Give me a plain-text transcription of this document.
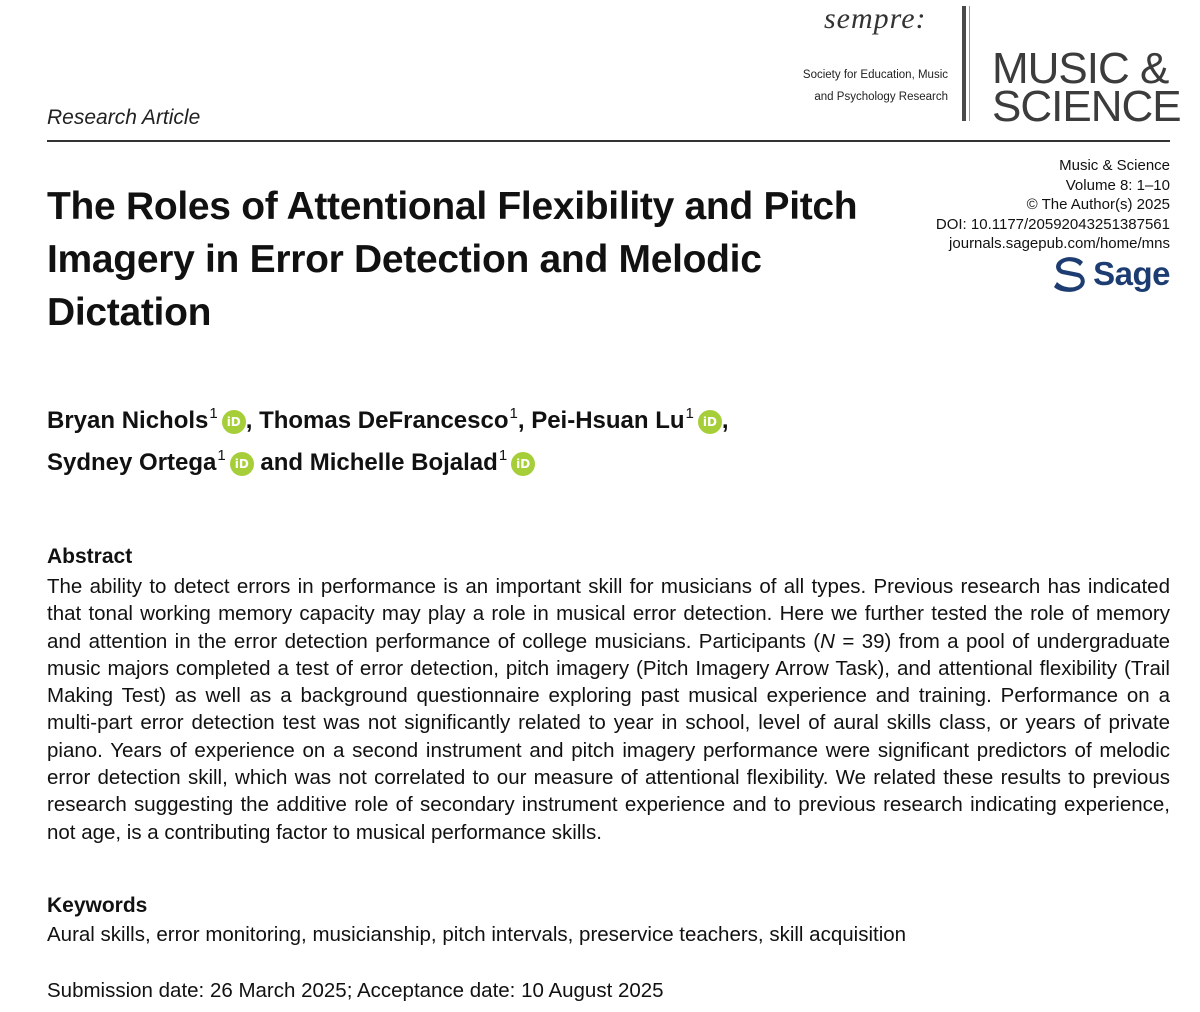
sempre:
Society for Education, Music
and Psychology Research
MUSIC &
SCIENCE
Research Article
Music & Science
Volume 8: 1–10
© The Author(s) 2025
DOI: 10.1177/20592043251387561
journals.sagepub.com/home/mns
Sage
The Roles of Attentional Flexibility and Pitch Imagery in Error Detection and Melodic Dictation
Bryan Nichols$^1$ iD , Thomas DeFrancesco$^1$, Pei-Hsuan Lu$^1$ iD ,
Sydney Ortega$^1$ iD and Michelle Bojalad$^1$ iD
Abstract
The ability to detect errors in performance is an important skill for musicians of all types. Previous research has indicated that tonal working memory capacity may play a role in musical error detection. Here we further tested the role of memory and attention in the error detection performance of college musicians. Participants (N = 39) from a pool of undergraduate music majors completed a test of error detection, pitch imagery (Pitch Imagery Arrow Task), and attentional flexibility (Trail Making Test) as well as a background questionnaire exploring past musical experience and training. Performance on a multi-part error detection test was not significantly related to year in school, level of aural skills class, or years of private piano. Years of experience on a second instrument and pitch imagery performance were significant predictors of melodic error detection skill, which was not correlated to our measure of attentional flexibility. We related these results to previous research suggesting the additive role of secondary instrument experience and to previous research indicating experience, not age, is a contributing factor to musical performance skills.
Keywords
Aural skills, error monitoring, musicianship, pitch intervals, preservice teachers, skill acquisition
Submission date: 26 March 2025; Acceptance date: 10 August 2025
